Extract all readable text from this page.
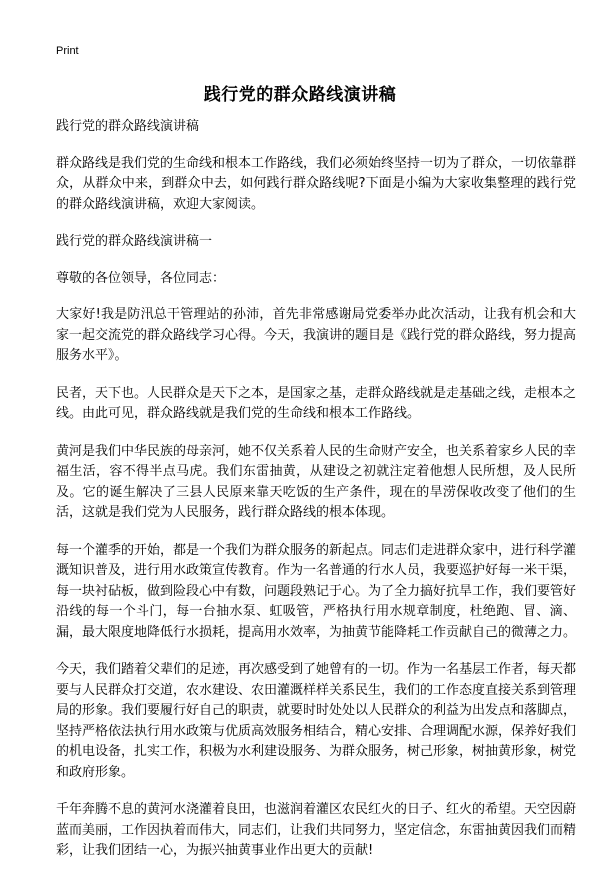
Print
践行党的群众路线演讲稿

践行党的群众路线演讲稿

群众路线是我们党的生命线和根本工作路线，我们必须始终坚持一切为了群众，一切依靠群众，从群众中来，到群众中去，如何践行群众路线呢?下面是小编为大家收集整理的践行党的群众路线演讲稿，欢迎大家阅读。

践行党的群众路线演讲稿一

尊敬的各位领导，各位同志：

大家好!我是防汛总干管理站的孙沛，首先非常感谢局党委举办此次活动，让我有机会和大家一起交流党的群众路线学习心得。今天，我演讲的题目是《践行党的群众路线，努力提高服务水平》。

民者，天下也。人民群众是天下之本，是国家之基，走群众路线就是走基础之线，走根本之线。由此可见，群众路线就是我们党的生命线和根本工作路线。

黄河是我们中华民族的母亲河，她不仅关系着人民的生命财产安全，也关系着家乡人民的幸福生活，容不得半点马虎。我们东雷抽黄，从建设之初就注定着他想人民所想，及人民所及。它的诞生解决了三县人民原来靠天吃饭的生产条件，现在的旱涝保收改变了他们的生活，这就是我们党为人民服务，践行群众路线的根本体现。

每一个灌季的开始，都是一个我们为群众服务的新起点。同志们走进群众家中，进行科学灌溉知识普及，进行用水政策宣传教育。作为一名普通的行水人员，我要巡护好每一米干渠，每一块衬砧板，做到险段心中有数，问题段熟记于心。为了全力搞好抗旱工作，我们要管好沿线的每一个斗门，每一台抽水泵、虹吸管，严格执行用水规章制度，杜绝跑、冒、滴、漏，最大限度地降低行水损耗，提高用水效率，为抽黄节能降耗工作贡献自己的微薄之力。

今天，我们踏着父辈们的足迹，再次感受到了她曾有的一切。作为一名基层工作者，每天都要与人民群众打交道，农水建设、农田灌溉样样关系民生，我们的工作态度直接关系到管理局的形象。我们要履行好自己的职责，就要时时处处以人民群众的利益为出发点和落脚点，坚持严格依法执行用水政策与优质高效服务相结合，精心安排、合理调配水源，保养好我们的机电设备，扎实工作，积极为水利建设服务、为群众服务，树己形象，树抽黄形象，树党和政府形象。

千年奔腾不息的黄河水浇灌着良田，也滋润着灌区农民红火的日子、红火的希望。天空因蔚蓝而美丽，工作因执着而伟大，同志们，让我们共同努力，坚定信念，东雷抽黄因我们而精彩，让我们团结一心，为振兴抽黄事业作出更大的贡献!
